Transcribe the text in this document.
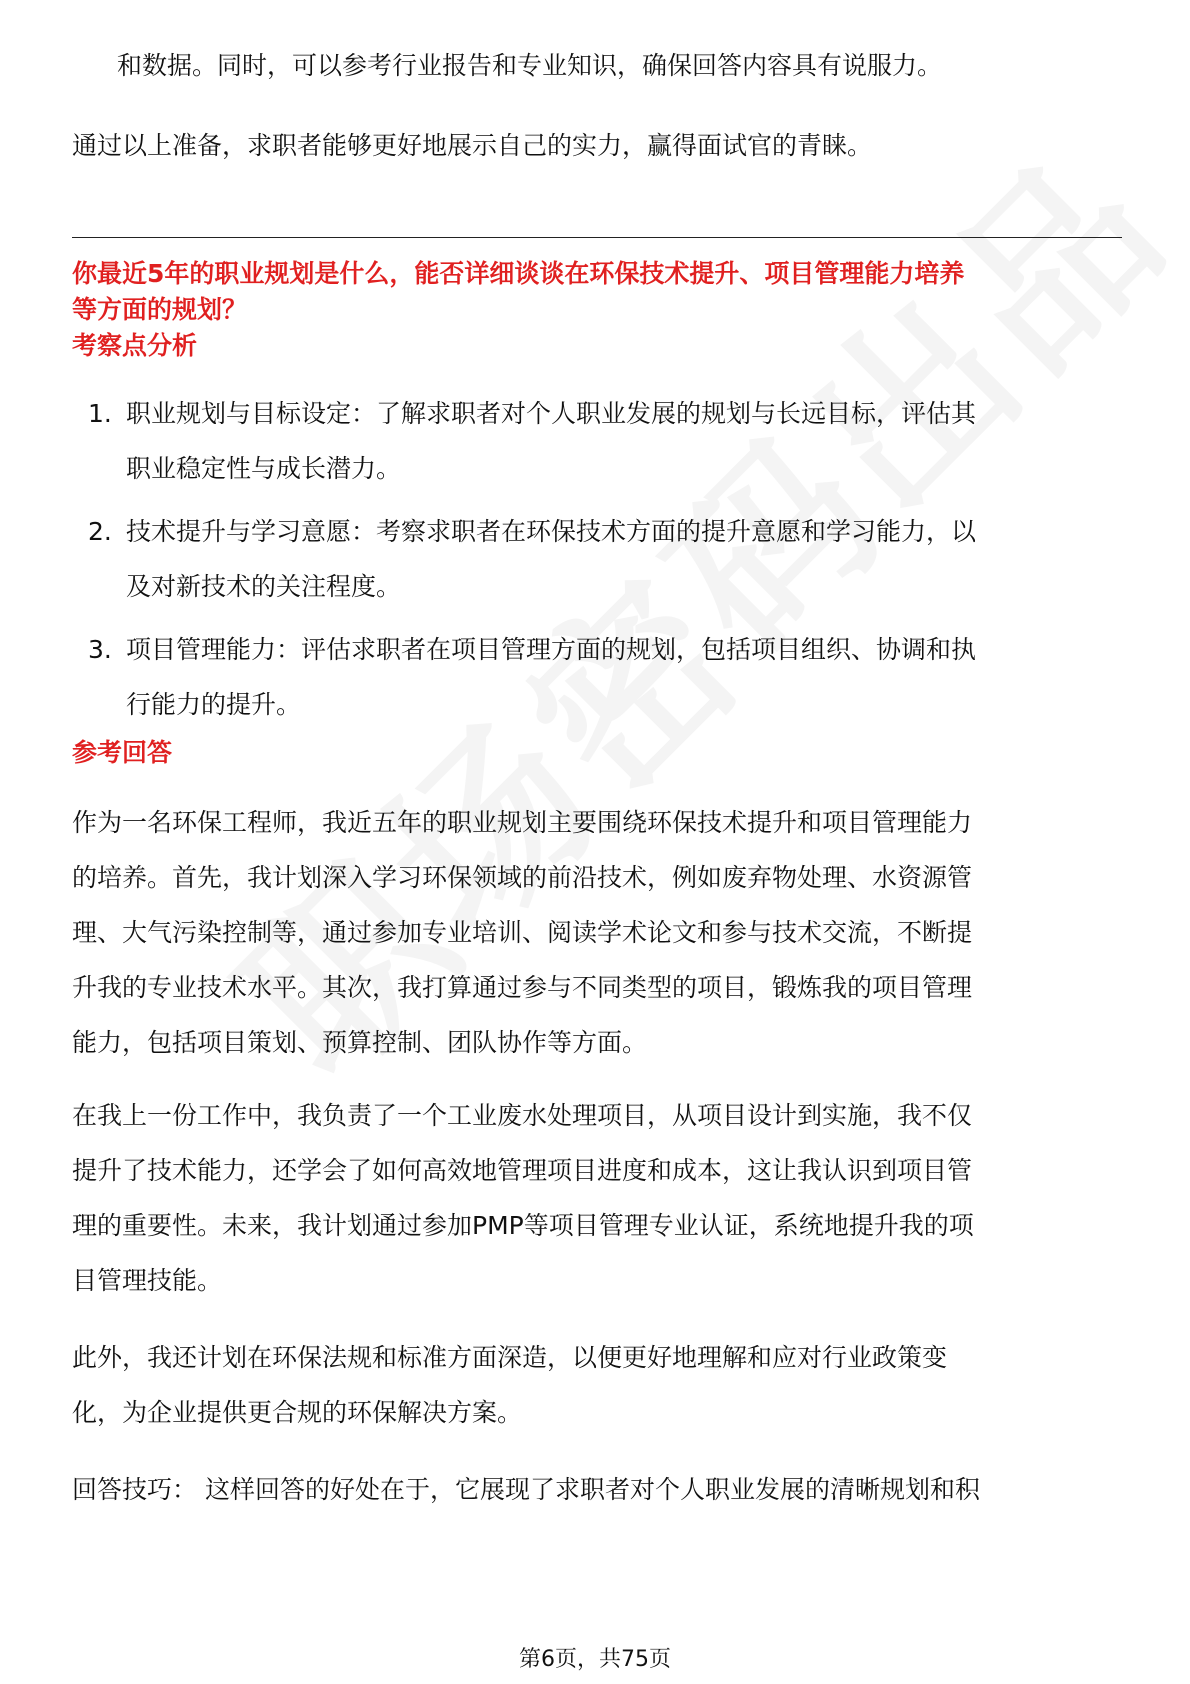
和数据。同时，可以参考行业报告和专业知识，确保回答内容具有说服力。

通过以上准备，求职者能够更好地展示自己的实力，赢得面试官的青睐。

你最近5年的职业规划是什么，能否详细谈谈在环保技术提升、项目管理能力培养
等方面的规划？
考察点分析
1. 职业规划与目标设定：了解求职者对个人职业发展的规划与长远目标，评估其
职业稳定性与成长潜力。
2. 技术提升与学习意愿：考察求职者在环保技术方面的提升意愿和学习能力，以
及对新技术的关注程度。
3. 项目管理能力：评估求职者在项目管理方面的规划，包括项目组织、协调和执
行能力的提升。
参考回答
作为一名环保工程师，我近五年的职业规划主要围绕环保技术提升和项目管理能力
的培养。首先，我计划深入学习环保领域的前沿技术，例如废弃物处理、水资源管
理、大气污染控制等，通过参加专业培训、阅读学术论文和参与技术交流，不断提
升我的专业技术水平。其次，我打算通过参与不同类型的项目，锻炼我的项目管理
能力，包括项目策划、预算控制、团队协作等方面。
在我上一份工作中，我负责了一个工业废水处理项目，从项目设计到实施，我不仅
提升了技术能力，还学会了如何高效地管理项目进度和成本，这让我认识到项目管
理的重要性。未来，我计划通过参加PMP等项目管理专业认证，系统地提升我的项
目管理技能。
此外，我还计划在环保法规和标准方面深造，以便更好地理解和应对行业政策变
化，为企业提供更合规的环保解决方案。
回答技巧： 这样回答的好处在于，它展现了求职者对个人职业发展的清晰规划和积
第6页，共75页
